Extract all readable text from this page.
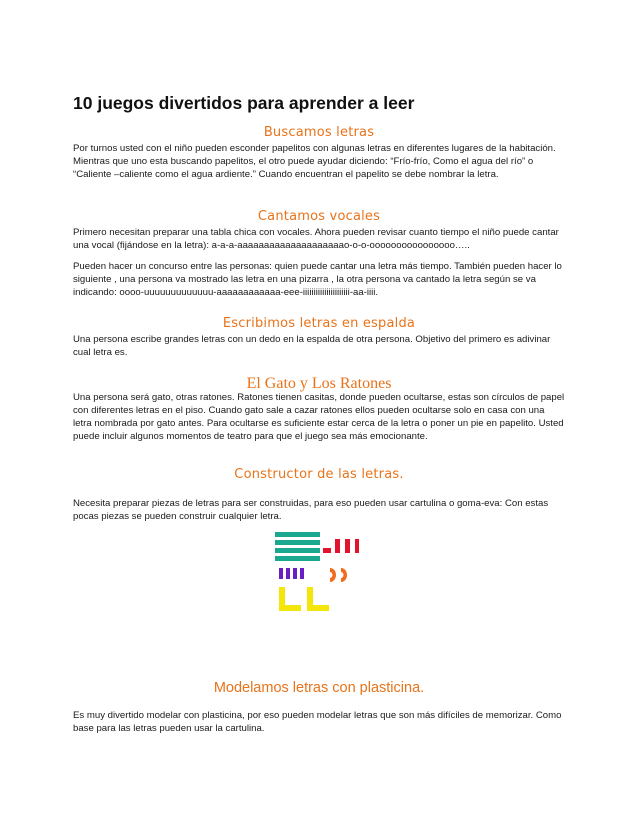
10 juegos divertidos para aprender a leer
Buscamos letras

Por turnos usted con el niño pueden esconder papelitos con algunas letras en diferentes lugares de la habitación. Mientras que uno esta buscando papelitos, el otro puede ayudar diciendo: “Frío-frío, Como el agua del río” o “Caliente –caliente como el agua ardiente.” Cuando encuentran el papelito se debe nombrar la letra.

Cantamos vocales

Primero necesitan preparar una tabla chica con vocales. Ahora pueden revisar cuanto tiempo el niño puede cantar una vocal (fijándose en la letra): a-a-a-aaaaaaaaaaaaaaaaaaaao-o-o-oooooooooooooooo…..

Pueden hacer un concurso entre las personas: quien puede cantar una letra más tiempo. También pueden hacer lo siguiente , una persona va mostrado las letra en una pizarra , la otra persona va cantado la letra según se va indicando: oooo-uuuuuuuuuuuuu-aaaaaaaaaaaa-eee-iiiiiiiiiiiiiiiiiiiiii-aa-iiii.

Escribimos letras en espalda

Una persona escribe grandes letras con un dedo en la espalda de otra persona. Objetivo del primero es adivinar cual letra es.

El Gato y Los Ratones

Una persona será gato, otras ratones. Ratones tienen casitas, donde pueden ocultarse, estas son círculos de papel con diferentes letras en el piso. Cuando gato sale a cazar ratones ellos pueden ocultarse solo en casa con una letra nombrada por gato antes. Para ocultarse es suficiente estar cerca de la letra o poner un pie en papelito. Usted puede incluir algunos momentos de teatro para que el juego sea más emocionante.

Constructor de las letras.

Necesita preparar piezas de letras para ser construidas, para eso pueden usar cartulina o goma-eva: Con estas pocas piezas se pueden construir cualquier letra.

Modelamos letras con plasticina.

Es muy divertido modelar con plasticina, por eso pueden modelar letras que son más difíciles de memorizar. Como base para las letras pueden usar la cartulina.
